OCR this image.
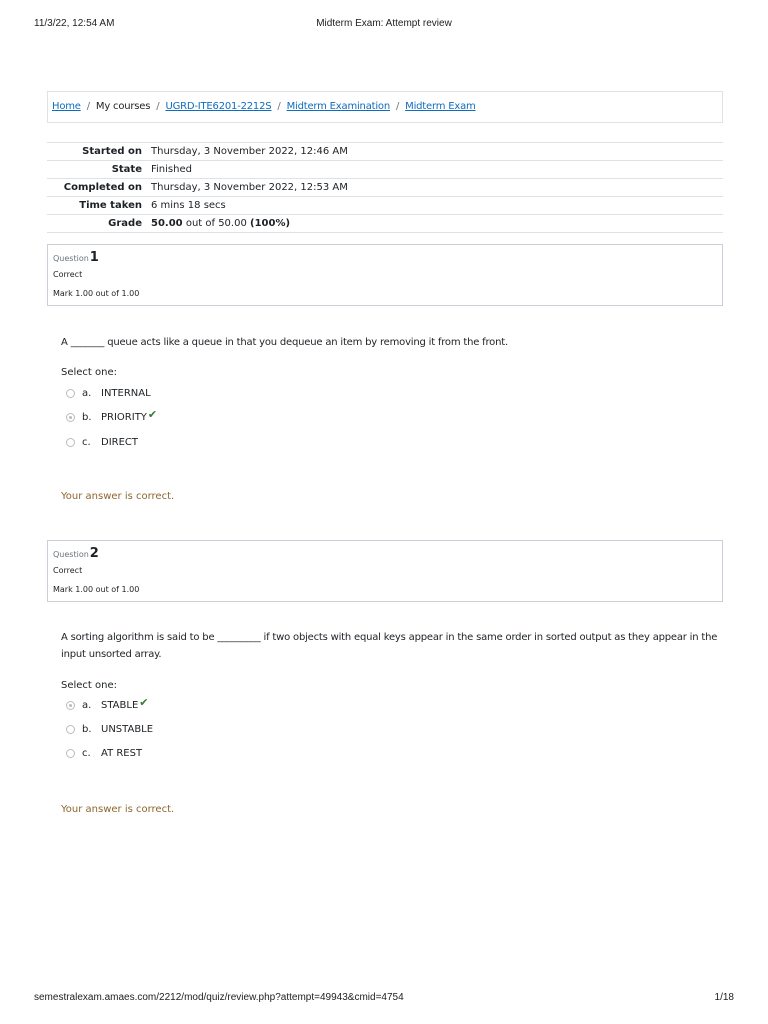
11/3/22, 12:54 AM	Midterm Exam: Attempt review
Home / My courses / UGRD-ITE6201-2212S / Midterm Examination / Midterm Exam
Started on	Thursday, 3 November 2022, 12:46 AM
State	Finished
Completed on	Thursday, 3 November 2022, 12:53 AM
Time taken	6 mins 18 secs
Grade	50.00 out of 50.00 (100%)
Question1
Correct
Mark 1.00 out of 1.00
A _______ queue acts like a queue in that you dequeue an item by removing it from the front.
Select one:
a. INTERNAL
b. PRIORITY ✔
c.	DIRECT
Your answer is correct.
Question2
Correct
Mark 1.00 out of 1.00
A sorting algorithm is said to be _________ if two objects with equal keys appear in the same order in sorted output as they appear in the input unsorted array.
Select one:
a. STABLE ✔
b. UNSTABLE
c.	AT REST
Your answer is correct.
semestralexam.amaes.com/2212/mod/quiz/review.php?attempt=49943&cmid=4754	1/18
